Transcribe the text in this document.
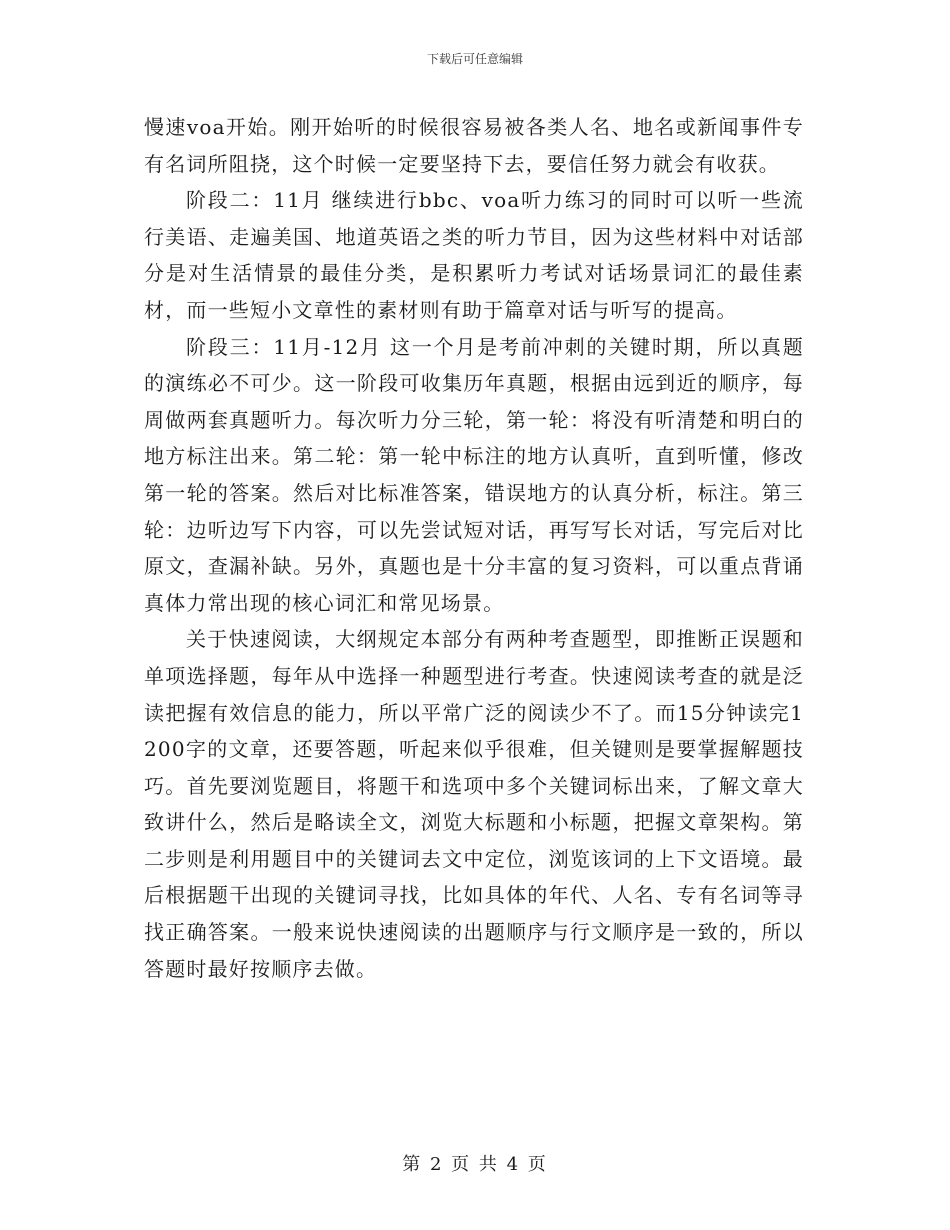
下载后可任意编辑

慢速voa开始。刚开始听的时候很容易被各类人名、地名或新闻事件专有名词所阻挠，这个时候一定要坚持下去，要信任努力就会有收获。

阶段二：11月 继续进行bbc、voa听力练习的同时可以听一些流行美语、走遍美国、地道英语之类的听力节目，因为这些材料中对话部分是对生活情景的最佳分类，是积累听力考试对话场景词汇的最佳素材，而一些短小文章性的素材则有助于篇章对话与听写的提高。

阶段三：11月-12月 这一个月是考前冲刺的关键时期，所以真题的演练必不可少。这一阶段可收集历年真题，根据由远到近的顺序，每周做两套真题听力。每次听力分三轮，第一轮：将没有听清楚和明白的地方标注出来。第二轮：第一轮中标注的地方认真听，直到听懂，修改第一轮的答案。然后对比标准答案，错误地方的认真分析，标注。第三轮：边听边写下内容，可以先尝试短对话，再写写长对话，写完后对比原文，查漏补缺。另外，真题也是十分丰富的复习资料，可以重点背诵真体力常出现的核心词汇和常见场景。

关于快速阅读，大纲规定本部分有两种考查题型，即推断正误题和单项选择题，每年从中选择一种题型进行考查。快速阅读考查的就是泛读把握有效信息的能力，所以平常广泛的阅读少不了。而15分钟读完1200字的文章，还要答题，听起来似乎很难，但关键则是要掌握解题技巧。首先要浏览题目，将题干和选项中多个关键词标出来，了解文章大致讲什么，然后是略读全文，浏览大标题和小标题，把握文章架构。第二步则是利用题目中的关键词去文中定位，浏览该词的上下文语境。最后根据题干出现的关键词寻找，比如具体的年代、人名、专有名词等寻找正确答案。一般来说快速阅读的出题顺序与行文顺序是一致的，所以答题时最好按顺序去做。

第 2 页 共 4 页
